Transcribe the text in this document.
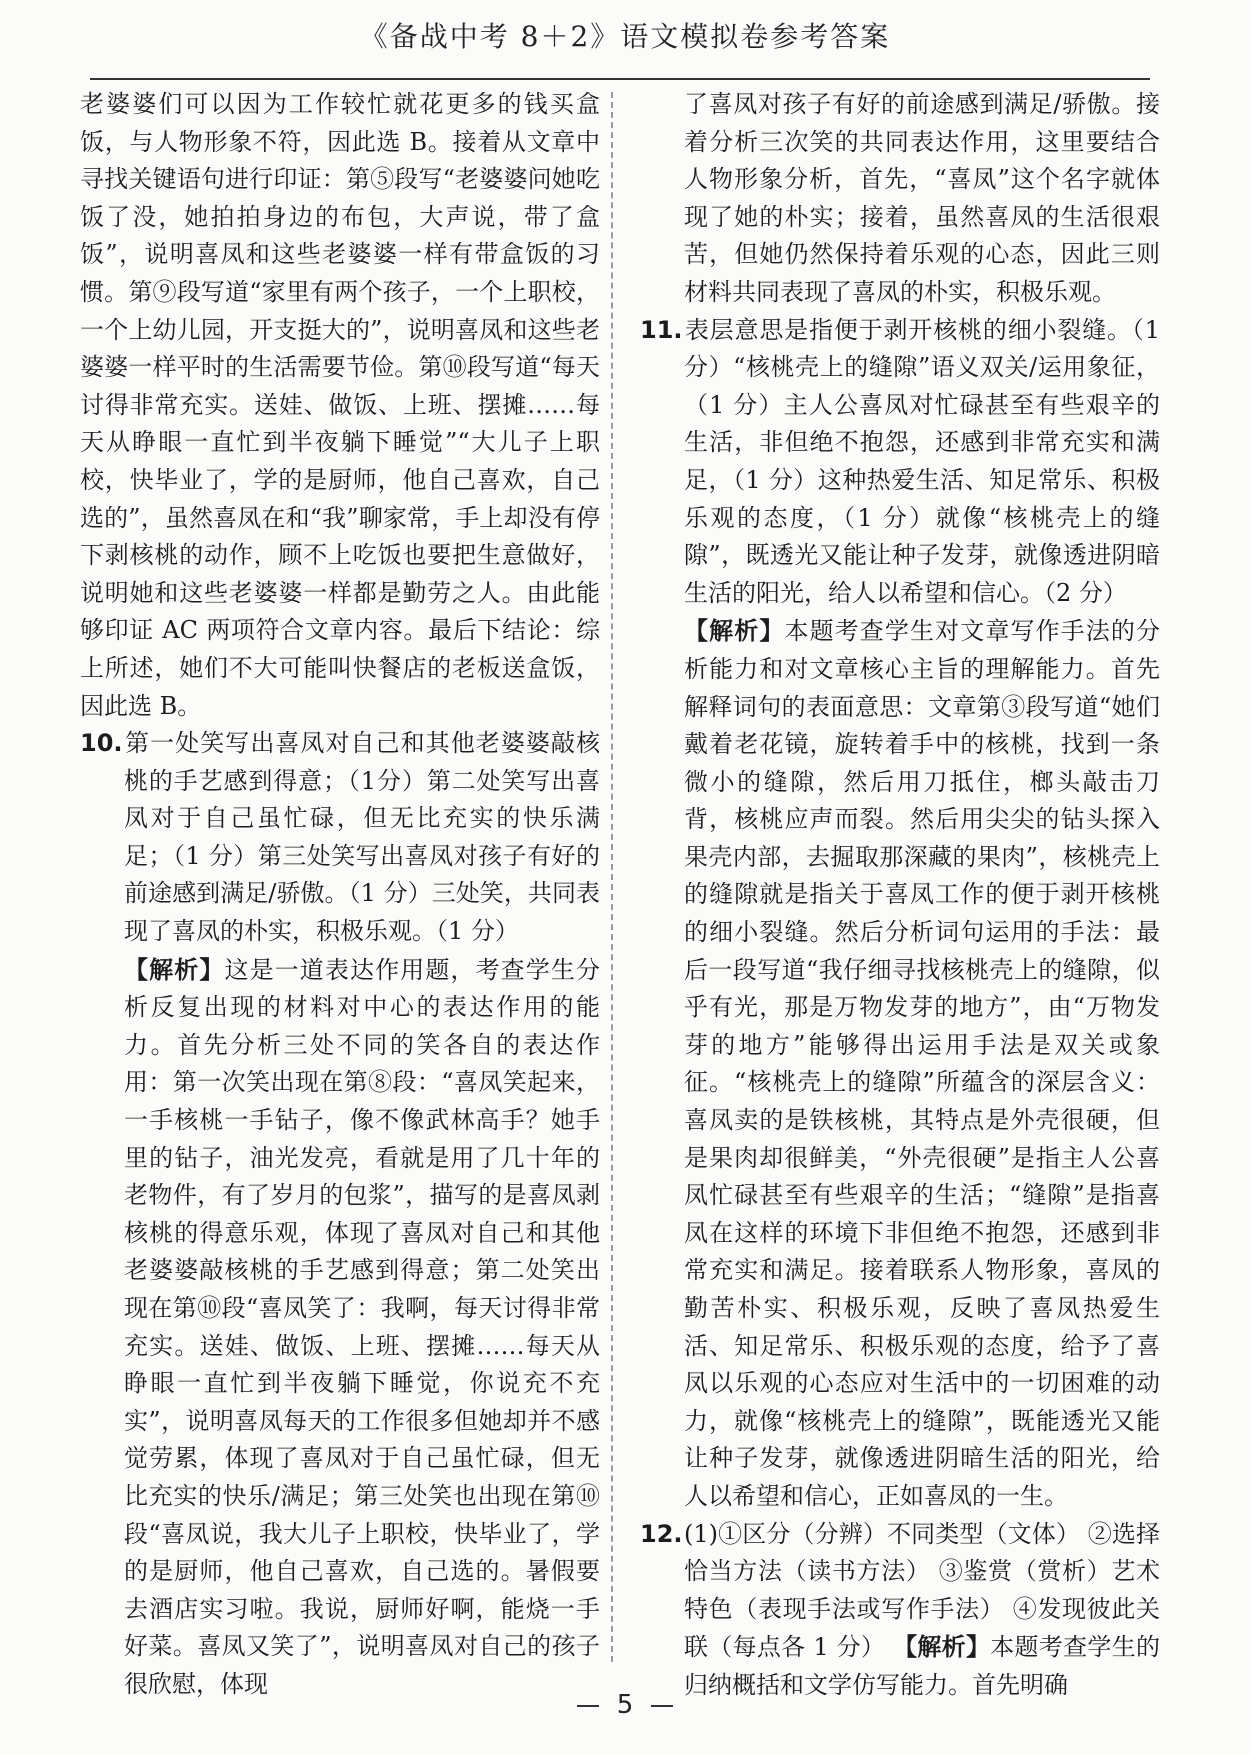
《备战中考 8＋2》语文模拟卷参考答案

老婆婆们可以因为工作较忙就花更多的钱买盒饭，与人物形象不符，因此选 B。接着从文章中寻找关键语句进行印证：第⑤段写“老婆婆问她吃饭了没，她拍拍身边的布包，大声说，带了盒饭”，说明喜凤和这些老婆婆一样有带盒饭的习惯。第⑨段写道“家里有两个孩子，一个上职校，一个上幼儿园，开支挺大的”，说明喜凤和这些老婆婆一样平时的生活需要节俭。第⑩段写道“每天讨得非常充实。送娃、做饭、上班、摆摊……每天从睁眼一直忙到半夜躺下睡觉”“大儿子上职校，快毕业了，学的是厨师，他自己喜欢，自己选的”，虽然喜凤在和“我”聊家常，手上却没有停下剥核桃的动作，顾不上吃饭也要把生意做好，说明她和这些老婆婆一样都是勤劳之人。由此能够印证 AC 两项符合文章内容。最后下结论：综上所述，她们不大可能叫快餐店的老板送盒饭，因此选 B。

10.第一处笑写出喜凤对自己和其他老婆婆敲核桃的手艺感到得意；（1分）第二处笑写出喜凤对于自己虽忙碌，但无比充实的快乐满足；（1 分）第三处笑写出喜凤对孩子有好的前途感到满足/骄傲。（1 分）三处笑，共同表现了喜凤的朴实，积极乐观。（1 分）

【解析】这是一道表达作用题，考查学生分析反复出现的材料对中心的表达作用的能力。首先分析三处不同的笑各自的表达作用：第一次笑出现在第⑧段：“喜凤笑起来，一手核桃一手钻子，像不像武林高手？她手里的钻子，油光发亮，看就是用了几十年的老物件，有了岁月的包浆”，描写的是喜凤剥核桃的得意乐观，体现了喜凤对自己和其他老婆婆敲核桃的手艺感到得意；第二处笑出现在第⑩段“喜凤笑了：我啊，每天讨得非常充实。送娃、做饭、上班、摆摊……每天从睁眼一直忙到半夜躺下睡觉，你说充不充实”，说明喜凤每天的工作很多但她却并不感觉劳累，体现了喜凤对于自己虽忙碌，但无比充实的快乐/满足；第三处笑也出现在第⑩段“喜凤说，我大儿子上职校，快毕业了，学的是厨师，他自己喜欢，自己选的。暑假要去酒店实习啦。我说，厨师好啊，能烧一手好菜。喜凤又笑了”，说明喜凤对自己的孩子很欣慰，体现

了喜凤对孩子有好的前途感到满足/骄傲。接着分析三次笑的共同表达作用，这里要结合人物形象分析，首先，“喜凤”这个名字就体现了她的朴实；接着，虽然喜凤的生活很艰苦，但她仍然保持着乐观的心态，因此三则材料共同表现了喜凤的朴实，积极乐观。

11.表层意思是指便于剥开核桃的细小裂缝。（1 分）“核桃壳上的缝隙”语义双关/运用象征，（1 分）主人公喜凤对忙碌甚至有些艰辛的生活，非但绝不抱怨，还感到非常充实和满足，（1 分）这种热爱生活、知足常乐、积极乐观的态度，（1 分）就像“核桃壳上的缝隙”，既透光又能让种子发芽，就像透进阴暗生活的阳光，给人以希望和信心。（2 分）

【解析】本题考查学生对文章写作手法的分析能力和对文章核心主旨的理解能力。首先解释词句的表面意思：文章第③段写道“她们戴着老花镜，旋转着手中的核桃，找到一条微小的缝隙，然后用刀抵住，榔头敲击刀背，核桃应声而裂。然后用尖尖的钻头探入果壳内部，去掘取那深藏的果肉”，核桃壳上的缝隙就是指关于喜凤工作的便于剥开核桃的细小裂缝。然后分析词句运用的手法：最后一段写道“我仔细寻找核桃壳上的缝隙，似乎有光，那是万物发芽的地方”，由“万物发芽的地方”能够得出运用手法是双关或象征。“核桃壳上的缝隙”所蕴含的深层含义：喜凤卖的是铁核桃，其特点是外壳很硬，但是果肉却很鲜美，“外壳很硬”是指主人公喜凤忙碌甚至有些艰辛的生活；“缝隙”是指喜凤在这样的环境下非但绝不抱怨，还感到非常充实和满足。接着联系人物形象，喜凤的勤苦朴实、积极乐观，反映了喜凤热爱生活、知足常乐、积极乐观的态度，给予了喜凤以乐观的心态应对生活中的一切困难的动力，就像“核桃壳上的缝隙”，既能透光又能让种子发芽，就像透进阴暗生活的阳光，给人以希望和信心，正如喜凤的一生。

12.(1)①区分（分辨）不同类型（文体） ②选择恰当方法（读书方法） ③鉴赏（赏析）艺术特色（表现手法或写作手法） ④发现彼此关联（每点各 1 分） 【解析】本题考查学生的归纳概括和文学仿写能力。首先明确
5
